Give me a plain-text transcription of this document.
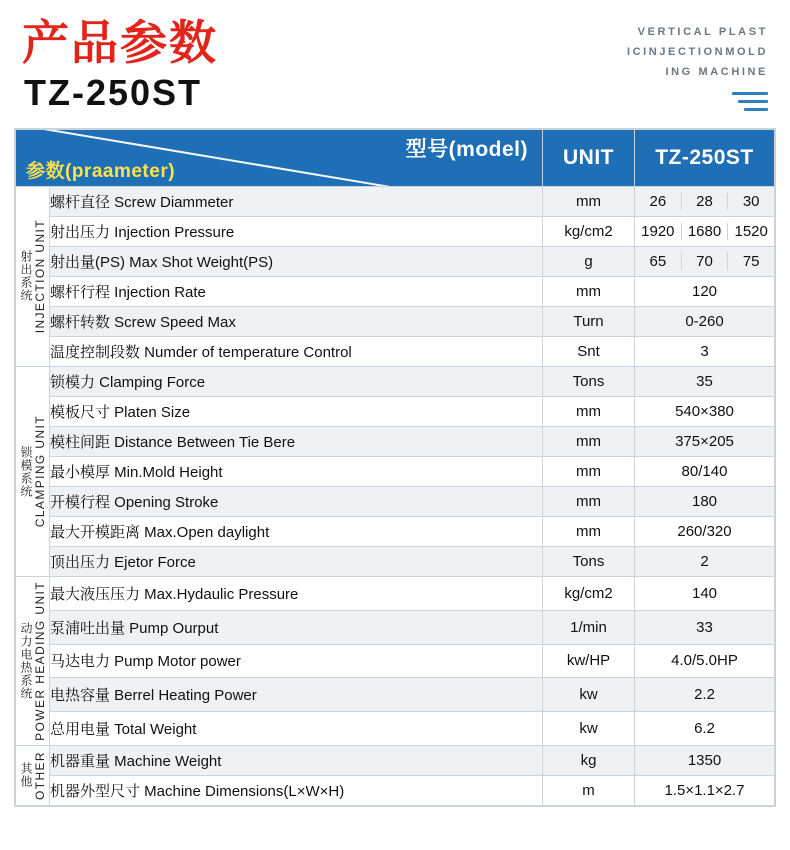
产品参数
TZ-250ST
VERTICAL PLAST
ICINJECTIONMOLD
ING MACHINE
型号(model)
参数(praameter)		UNIT	TZ-250ST

射出系统 INJECTION UNIT
	螺杆直径 Screw Diammeter	mm	26	28	30

	射出压力 Injection Pressure	kg/cm2	1920 1680 1520

	射出量(PS) Max Shot Weight(PS)	g	65 70 75

	螺杆行程 Injection Rate	mm	120
	螺杆转数 Screw Speed Max	Turn	0-260
	温度控制段数 Numder of temperature Control	Snt	3

锁模系统 CLAMPING UNIT	锁模力 Clamping Force	Tons	35
	模板尺寸 Platen Size	mm	540×380
	模柱间距 Distance Between Tie Bere	mm	375×205
	最小模厚 Min.Mold Height	mm	80/140
	开模行程 Opening Stroke	mm	180
	最大开模距离 Max.Open daylight	mm	260/320
	顶出压力 Ejetor Force	Tons	2

动力电热系统 POWER HEADING UNIT	最大液压压力 Max.Hydaulic Pressure	kg/cm2	140
	泵浦吐出量 Pump Ourput	1/min	33
	马达电力 Pump Motor power	kw/HP	4.0/5.0HP
	电热容量 Berrel Heating Power	kw	2.2
	总用电量 Total Weight	kw	6.2

其他 OTHER	机器重量 Machine Weight	kg	1350
	机器外型尺寸 Machine Dimensions(L×W×H)	m	1.5×1.1×2.7
